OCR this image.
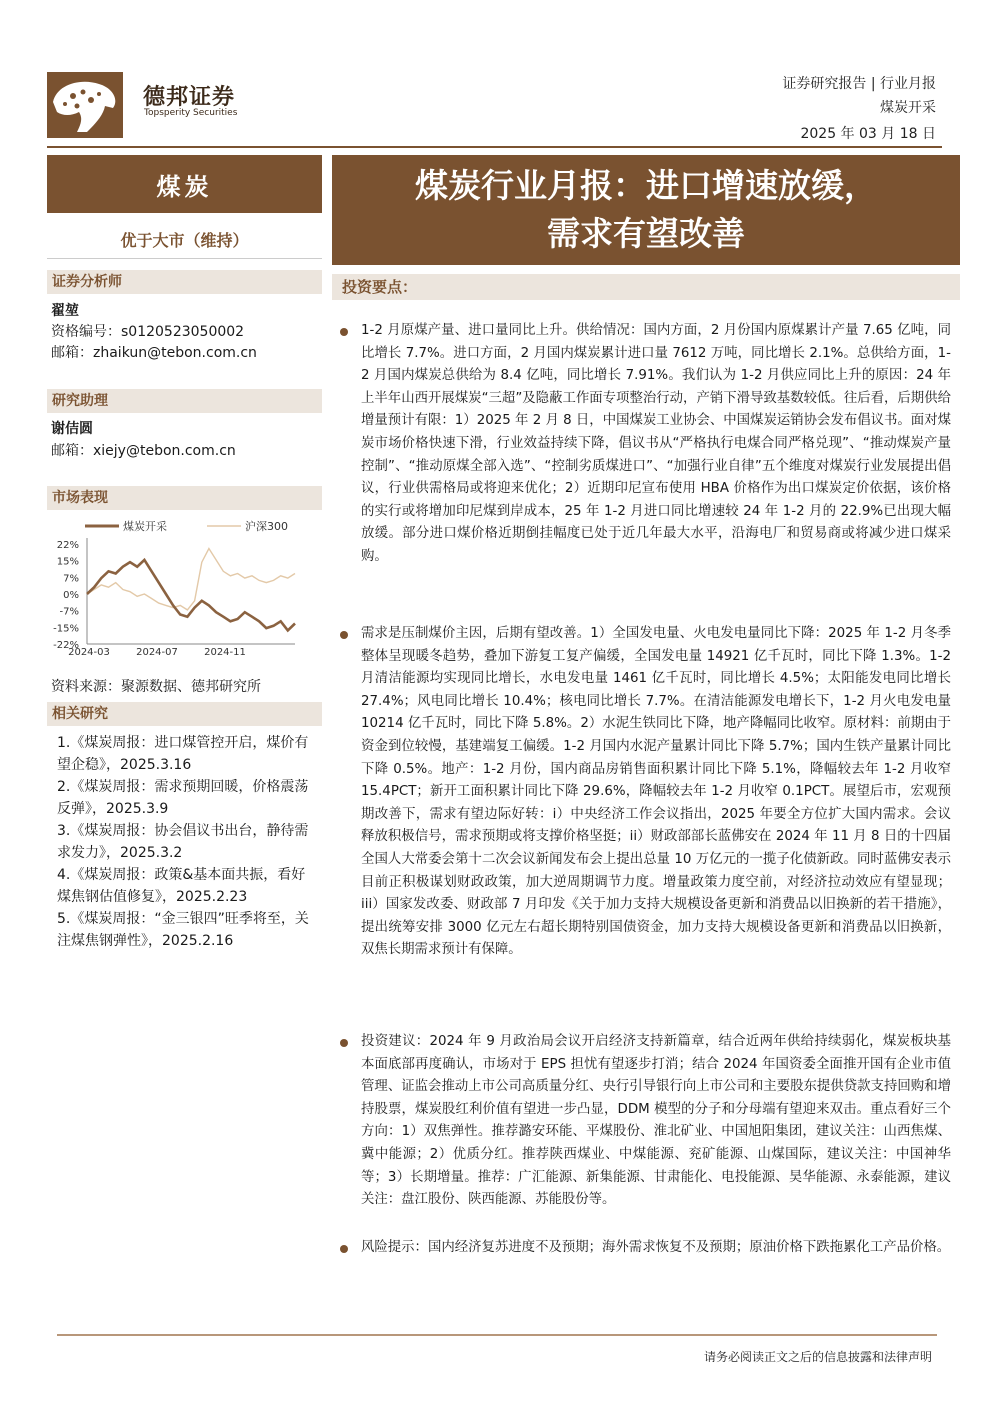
德邦证券
Topsperity Securities
证券研究报告 | 行业月报
煤炭开采
2025 年 03 月 18 日
煤炭
优于大市（维持）
证券分析师
翟堃
资格编号：s0120523050002
邮箱：zhaikun@tebon.com.cn
研究助理
谢佶圆
邮箱：xiejy@tebon.com.cn
市场表现
煤炭开采	沪深300
22%
15%
7%
0%
-7%
-15%
-22%
2024-03	2024-07	2024-11
资料来源：聚源数据、德邦研究所
相关研究
1.《煤炭周报：进口煤管控开启，煤价有望企稳》，2025.3.16
2.《煤炭周报：需求预期回暖，价格震荡反弹》，2025.3.9
3.《煤炭周报：协会倡议书出台，静待需求发力》，2025.3.2
4.《煤炭周报：政策&基本面共振，看好煤焦钢估值修复》，2025.2.23
5.《煤炭周报：“金三银四”旺季将至，关注煤焦钢弹性》，2025.2.16
煤炭行业月报：进口增速放缓，
需求有望改善
投资要点：
1-2 月原煤产量、进口量同比上升。供给情况：国内方面，2 月份国内原煤累计产量 7.65 亿吨，同比增长 7.7%。进口方面，2 月国内煤炭累计进口量 7612 万吨，同比增长 2.1%。总供给方面，1-2 月国内煤炭总供给为 8.4 亿吨，同比增长 7.91%。我们认为 1-2 月供应同比上升的原因：24 年上半年山西开展煤炭“三超”及隐蔽工作面专项整治行动，产销下滑导致基数较低。往后看，后期供给增量预计有限：1）2025 年 2 月 8 日，中国煤炭工业协会、中国煤炭运销协会发布倡议书。面对煤炭市场价格快速下滑，行业效益持续下降，倡议书从“严格执行电煤合同严格兑现”、“推动煤炭产量控制”、“推动原煤全部入选”、“控制劣质煤进口”、“加强行业自律”五个维度对煤炭行业发展提出倡议，行业供需格局或将迎来优化；2）近期印尼宣布使用 HBA 价格作为出口煤炭定价依据，该价格的实行或将增加印尼煤到岸成本，25 年 1-2 月进口同比增速较 24 年 1-2 月的 22.9%已出现大幅放缓。部分进口煤价格近期倒挂幅度已处于近几年最大水平，沿海电厂和贸易商或将减少进口煤采购。
需求是压制煤价主因，后期有望改善。1）全国发电量、火电发电量同比下降：2025 年 1-2 月冬季整体呈现暖冬趋势，叠加下游复工复产偏缓，全国发电量 14921 亿千瓦时，同比下降 1.3%。1-2 月清洁能源均实现同比增长，水电发电量 1461 亿千瓦时，同比增长 4.5%；太阳能发电同比增长 27.4%；风电同比增长 10.4%；核电同比增长 7.7%。在清洁能源发电增长下，1-2 月火电发电量 10214 亿千瓦时，同比下降 5.8%。2）水泥生铁同比下降，地产降幅同比收窄。原材料：前期由于资金到位较慢，基建端复工偏缓。1-2 月国内水泥产量累计同比下降 5.7%；国内生铁产量累计同比下降 0.5%。地产：1-2 月份，国内商品房销售面积累计同比下降 5.1%，降幅较去年 1-2 月收窄 15.4PCT；新开工面积累计同比下降 29.6%，降幅较去年 1-2 月收窄 0.1PCT。展望后市，宏观预期改善下，需求有望边际好转：i）中央经济工作会议指出，2025 年要全方位扩大国内需求。会议释放积极信号，需求预期或将支撑价格坚挺；ii）财政部部长蓝佛安在 2024 年 11 月 8 日的十四届全国人大常委会第十二次会议新闻发布会上提出总量 10 万亿元的一揽子化债新政。同时蓝佛安表示目前正积极谋划财政政策，加大逆周期调节力度。增量政策力度空前，对经济拉动效应有望显现；iii）国家发改委、财政部 7 月印发《关于加力支持大规模设备更新和消费品以旧换新的若干措施》，提出统筹安排 3000 亿元左右超长期特别国债资金，加力支持大规模设备更新和消费品以旧换新，双焦长期需求预计有保障。
投资建议：2024 年 9 月政治局会议开启经济支持新篇章，结合近两年供给持续弱化，煤炭板块基本面底部再度确认，市场对于 EPS 担忧有望逐步打消；结合 2024 年国资委全面推开国有企业市值管理、证监会推动上市公司高质量分红、央行引导银行向上市公司和主要股东提供贷款支持回购和增持股票，煤炭股红利价值有望进一步凸显，DDM 模型的分子和分母端有望迎来双击。重点看好三个方向：1）双焦弹性。推荐潞安环能、平煤股份、淮北矿业、中国旭阳集团，建议关注：山西焦煤、冀中能源；2）优质分红。推荐陕西煤业、中煤能源、兖矿能源、山煤国际，建议关注：中国神华等；3）长期增量。推荐：广汇能源、新集能源、甘肃能化、电投能源、昊华能源、永泰能源，建议关注：盘江股份、陕西能源、苏能股份等。
风险提示：国内经济复苏进度不及预期；海外需求恢复不及预期；原油价格下跌拖累化工产品价格。
请务必阅读正文之后的信息披露和法律声明
